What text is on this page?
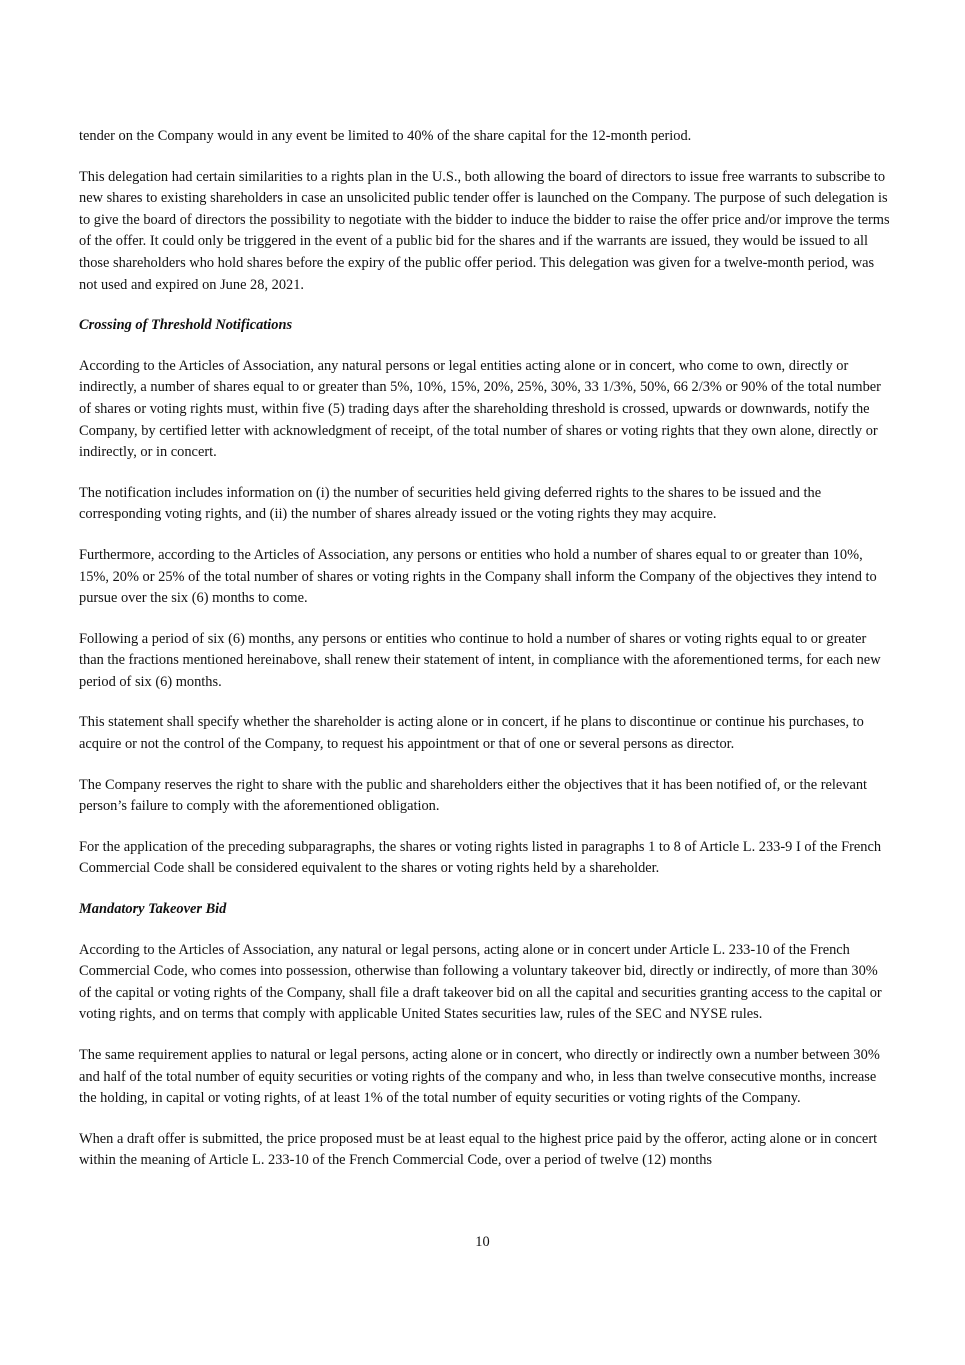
tender on the Company would in any event be limited to 40% of the share capital for the 12-month period.

This delegation had certain similarities to a rights plan in the U.S., both allowing the board of directors to issue free warrants to subscribe to new shares to existing shareholders in case an unsolicited public tender offer is launched on the Company. The purpose of such delegation is to give the board of directors the possibility to negotiate with the bidder to induce the bidder to raise the offer price and/or improve the terms of the offer. It could only be triggered in the event of a public bid for the shares and if the warrants are issued, they would be issued to all those shareholders who hold shares before the expiry of the public offer period. This delegation was given for a twelve-month period, was not used and expired on June 28, 2021.

Crossing of Threshold Notifications

According to the Articles of Association, any natural persons or legal entities acting alone or in concert, who come to own, directly or indirectly, a number of shares equal to or greater than 5%, 10%, 15%, 20%, 25%, 30%, 33 1/3%, 50%, 66 2/3% or 90% of the total number of shares or voting rights must, within five (5) trading days after the shareholding threshold is crossed, upwards or downwards, notify the Company, by certified letter with acknowledgment of receipt, of the total number of shares or voting rights that they own alone, directly or indirectly, or in concert.

The notification includes information on (i) the number of securities held giving deferred rights to the shares to be issued and the corresponding voting rights, and (ii) the number of shares already issued or the voting rights they may acquire.

Furthermore, according to the Articles of Association, any persons or entities who hold a number of shares equal to or greater than 10%, 15%, 20% or 25% of the total number of shares or voting rights in the Company shall inform the Company of the objectives they intend to pursue over the six (6) months to come.

Following a period of six (6) months, any persons or entities who continue to hold a number of shares or voting rights equal to or greater than the fractions mentioned hereinabove, shall renew their statement of intent, in compliance with the aforementioned terms, for each new period of six (6) months.

This statement shall specify whether the shareholder is acting alone or in concert, if he plans to discontinue or continue his purchases, to acquire or not the control of the Company, to request his appointment or that of one or several persons as director.

The Company reserves the right to share with the public and shareholders either the objectives that it has been notified of, or the relevant person’s failure to comply with the aforementioned obligation.

For the application of the preceding subparagraphs, the shares or voting rights listed in paragraphs 1 to 8 of Article L. 233-9 I of the French Commercial Code shall be considered equivalent to the shares or voting rights held by a shareholder.

Mandatory Takeover Bid

According to the Articles of Association, any natural or legal persons, acting alone or in concert under Article L. 233-10 of the French Commercial Code, who comes into possession, otherwise than following a voluntary takeover bid, directly or indirectly, of more than 30% of the capital or voting rights of the Company, shall file a draft takeover bid on all the capital and securities granting access to the capital or voting rights, and on terms that comply with applicable United States securities law, rules of the SEC and NYSE rules.

The same requirement applies to natural or legal persons, acting alone or in concert, who directly or indirectly own a number between 30% and half of the total number of equity securities or voting rights of the company and who, in less than twelve consecutive months, increase the holding, in capital or voting rights, of at least 1% of the total number of equity securities or voting rights of the Company.

When a draft offer is submitted, the price proposed must be at least equal to the highest price paid by the offeror, acting alone or in concert within the meaning of Article L. 233-10 of the French Commercial Code, over a period of twelve (12) months

10
